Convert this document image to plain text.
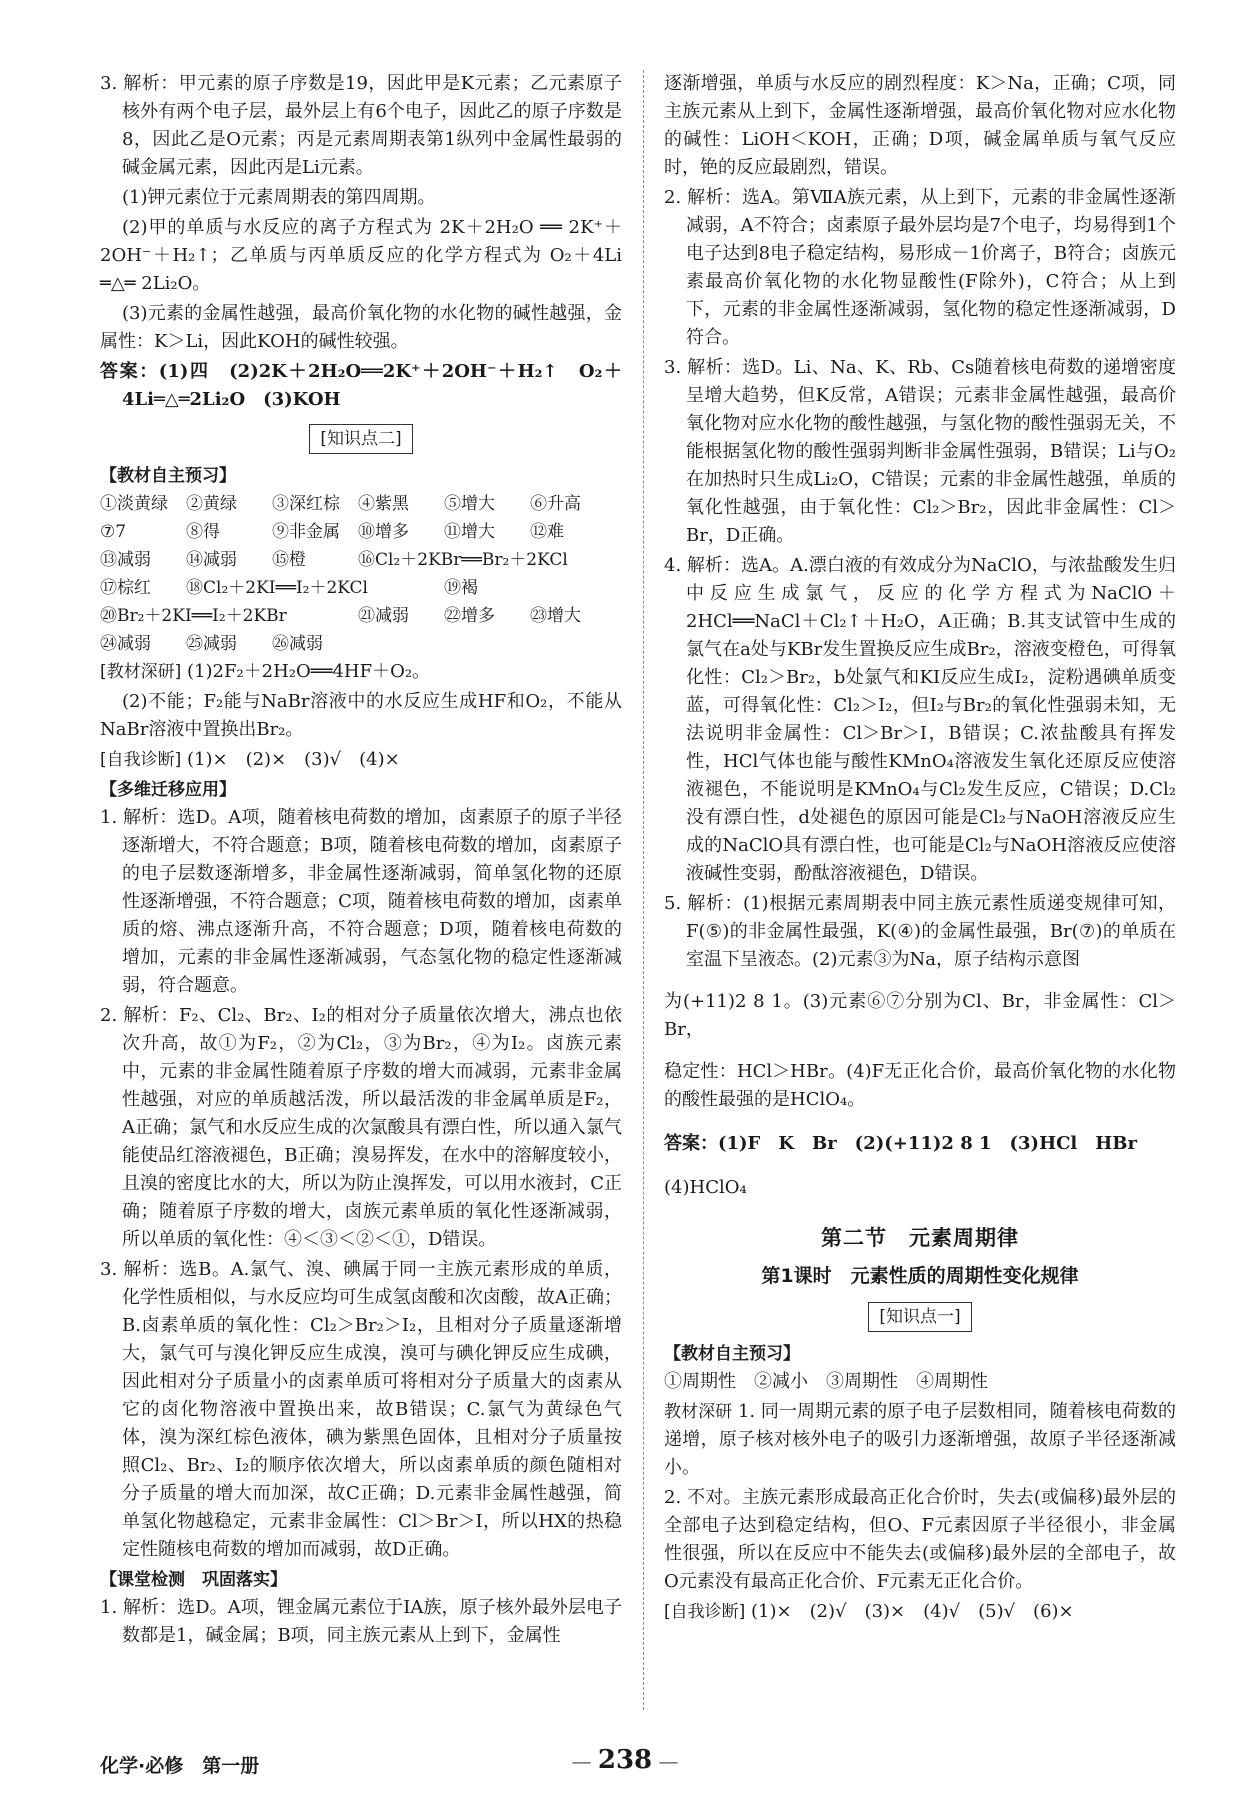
3. 解析：甲元素的原子序数是19，因此甲是K元素；乙元素原子核外有两个电子层，最外层上有6个电子，因此乙的原子序数是8，因此乙是O元素；丙是元素周期表第1纵列中金属性最弱的碱金属元素，因此丙是Li元素。

(1)钾元素位于元素周期表的第四周期。

(2)甲的单质与水反应的离子方程式为 2K＋2H₂O ══ 2K⁺＋2OH⁻＋H₂↑；乙单质与丙单质反应的化学方程式为 O₂＋4Li ═△═ 2Li₂O。

(3)元素的金属性越强，最高价氧化物的水化物的碱性越强，金属性：K＞Li，因此KOH的碱性较强。

答案：(1)四　(2)2K＋2H₂O══2K⁺＋2OH⁻＋H₂↑　O₂＋4Li═△═2Li₂O　(3)KOH

[知识点二]
【 教材自主预习 】
①淡黄绿	②黄绿	③深红棕	④紫黑	⑤增大	⑥升高
⑦7	⑧得	⑨非金属	⑩增多	⑪增大	⑫难
⑬减弱	⑭减弱	⑮橙	⑯Cl₂＋2KBr══Br₂＋2KCl
⑰棕红	⑱Cl₂＋2KI══I₂＋2KCl	⑲褐
⑳Br₂＋2KI══I₂＋2KBr	㉑减弱	㉒增多	㉓增大
㉔减弱	㉕减弱	㉖减弱

[教材深研] (1)2F₂＋2H₂O══4HF＋O₂。

(2)不能；F₂能与NaBr溶液中的水反应生成HF和O₂，不能从NaBr溶液中置换出Br₂。

[自我诊断] (1)×　(2)×　(3)√　(4)×

【 多维迁移应用 】

1. 解析：选D。A项，随着核电荷数的增加，卤素原子的原子半径逐渐增大，不符合题意；B项，随着核电荷数的增加，卤素原子的电子层数逐渐增多，非金属性逐渐减弱，简单氢化物的还原性逐渐增强，不符合题意；C项，随着核电荷数的增加，卤素单质的熔、沸点逐渐升高，不符合题意；D项，随着核电荷数的增加，元素的非金属性逐渐减弱，气态氢化物的稳定性逐渐减弱，符合题意。

2. 解析：F₂、Cl₂、Br₂、I₂的相对分子质量依次增大，沸点也依次升高，故①为F₂，②为Cl₂，③为Br₂，④为I₂。卤族元素中，元素的非金属性随着原子序数的增大而减弱，元素非金属性越强，对应的单质越活泼，所以最活泼的非金属单质是F₂，A正确；氯气和水反应生成的次氯酸具有漂白性，所以通入氯气能使品红溶液褪色，B正确；溴易挥发，在水中的溶解度较小，且溴的密度比水的大，所以为防止溴挥发，可以用水液封，C正确；随着原子序数的增大，卤族元素单质的氧化性逐渐减弱，所以单质的氧化性：④＜③＜②＜①，D错误。

3. 解析：选B。A.氯气、溴、碘属于同一主族元素形成的单质，化学性质相似，与水反应均可生成氢卤酸和次卤酸，故A正确；B.卤素单质的氧化性：Cl₂＞Br₂＞I₂，且相对分子质量逐渐增大，氯气可与溴化钾反应生成溴，溴可与碘化钾反应生成碘，因此相对分子质量小的卤素单质可将相对分子质量大的卤素从它的卤化物溶液中置换出来，故B错误；C.氯气为黄绿色气体，溴为深红棕色液体，碘为紫黑色固体，且相对分子质量按照Cl₂、Br₂、I₂的顺序依次增大，所以卤素单质的颜色随相对分子质量的增大而加深，故C正确；D.元素非金属性越强，简单氢化物越稳定，元素非金属性：Cl＞Br＞I，所以HX的热稳定性随核电荷数的增加而减弱，故D正确。

【 课堂检测　巩固落实 】

1. 解析：选D。A项，锂金属元素位于ⅠA族，原子核外最外层电子数都是1，碱金属；B项，同主族元素从上到下，金属性

逐渐增强，单质与水反应的剧烈程度：K＞Na，正确；C项，同主族元素从上到下，金属性逐渐增强，最高价氧化物对应水化物的碱性：LiOH＜KOH，正确；D项，碱金属单质与氧气反应时，铯的反应最剧烈，错误。

2. 解析：选A。第ⅦA族元素，从上到下，元素的非金属性逐渐减弱，A不符合；卤素原子最外层均是7个电子，均易得到1个电子达到8电子稳定结构，易形成－1价离子，B符合；卤族元素最高价氧化物的水化物显酸性(F除外)，C符合；从上到下，元素的非金属性逐渐减弱，氢化物的稳定性逐渐减弱，D符合。

3. 解析：选D。Li、Na、K、Rb、Cs随着核电荷数的递增密度呈增大趋势，但K反常，A错误；元素非金属性越强，最高价氧化物对应水化物的酸性越强，与氢化物的酸性强弱无关，不能根据氢化物的酸性强弱判断非金属性强弱，B错误；Li与O₂在加热时只生成Li₂O，C错误；元素的非金属性越强，单质的氧化性越强，由于氧化性：Cl₂＞Br₂，因此非金属性：Cl＞Br，D正确。

4. 解析：选A。A.漂白液的有效成分为NaClO，与浓盐酸发生归中反应生成氯气，反应的化学方程式为NaClO＋2HCl══NaCl＋Cl₂↑＋H₂O，A正确；B.其支试管中生成的氯气在a处与KBr发生置换反应生成Br₂，溶液变橙色，可得氧化性：Cl₂＞Br₂，b处氯气和KI反应生成I₂，淀粉遇碘单质变蓝，可得氧化性：Cl₂＞I₂，但I₂与Br₂的氧化性强弱未知，无法说明非金属性：Cl＞Br＞I，B错误；C.浓盐酸具有挥发性，HCl气体也能与酸性KMnO₄溶液发生氧化还原反应使溶液褪色，不能说明是KMnO₄与Cl₂发生反应，C错误；D.Cl₂没有漂白性，d处褪色的原因可能是Cl₂与NaOH溶液反应生成的NaClO具有漂白性，也可能是Cl₂与NaOH溶液反应使溶液碱性变弱，酚酞溶液褪色，D错误。

5. 解析：(1)根据元素周期表中同主族元素性质递变规律可知，F(⑤)的非金属性最强，K(④)的金属性最强，Br(⑦)的单质在室温下呈液态。(2)元素③为Na，原子结构示意图

为(+11)2 8 1。(3)元素⑥⑦分别为Cl、Br，非金属性：Cl＞Br，

稳定性：HCl＞HBr。(4)F无正化合价，最高价氧化物的水化物的酸性最强的是HClO₄。

答案：(1)F　K　Br　(2)(+11)2 8 1　(3)HCl　HBr

(4)HClO₄

第二节　元素周期律
第1课时　元素性质的周期性变化规律
[知识点一]
【 教材自主预习 】

①周期性　②减小　③周期性　④周期性

教材深研 1. 同一周期元素的原子电子层数相同，随着核电荷数的递增，原子核对核外电子的吸引力逐渐增强，故原子半径逐渐减小。

2. 不对。主族元素形成最高正化合价时，失去(或偏移)最外层的全部电子达到稳定结构，但O、F元素因原子半径很小，非金属性很强，所以在反应中不能失去(或偏移)最外层的全部电子，故O元素没有最高正化合价、F元素无正化合价。

[自我诊断] (1)×　(2)√　(3)×　(4)√　(5)√　(6)×

化学·必修　第一册
—	238 —
